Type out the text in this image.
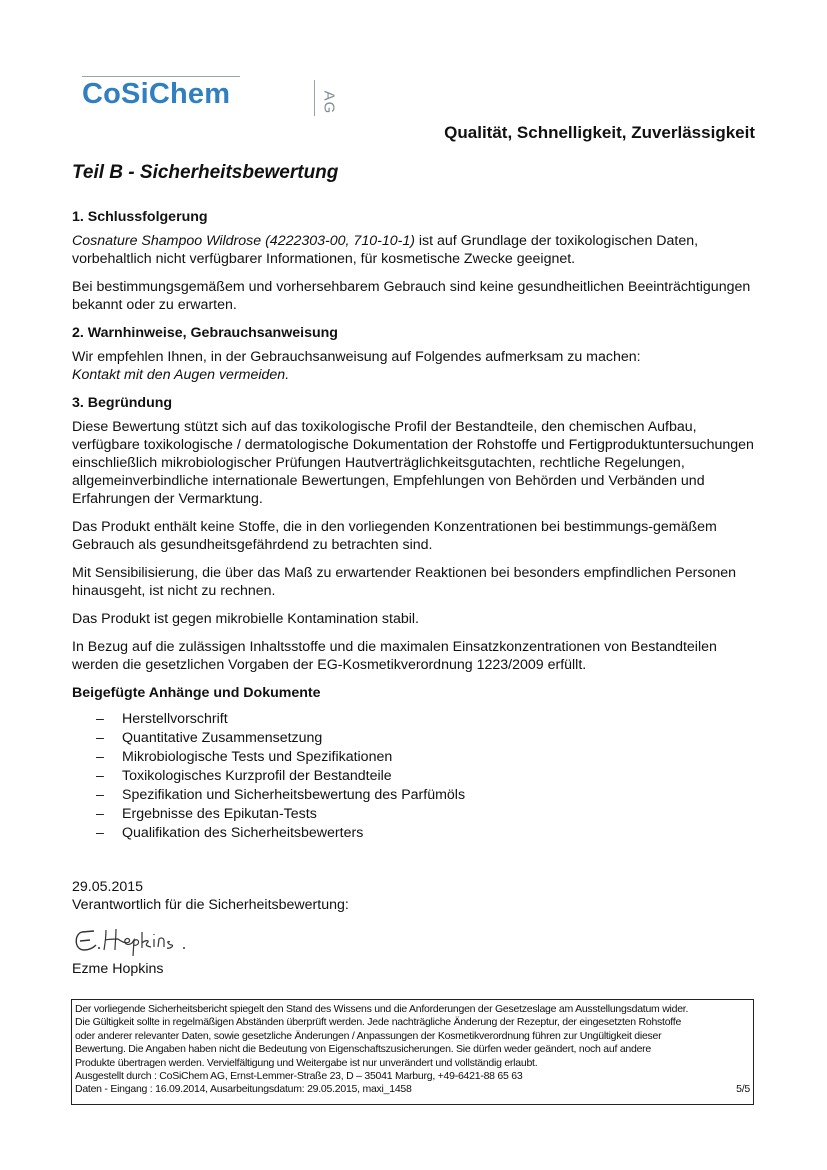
CoSiChem	AG
Qualität, Schnelligkeit, Zuverlässigkeit
Teil B - Sicherheitsbewertung
1. Schlussfolgerung

Cosnature Shampoo Wildrose (4222303-00, 710-10-1) ist auf Grundlage der toxikologischen Daten, vorbehaltlich nicht verfügbarer Informationen, für kosmetische Zwecke geeignet.

Bei bestimmungsgemäßem und vorhersehbarem Gebrauch sind keine gesundheitlichen Beeinträchtigungen bekannt oder zu erwarten.

2. Warnhinweise, Gebrauchsanweisung

Wir empfehlen Ihnen, in der Gebrauchsanweisung auf Folgendes aufmerksam zu machen:
Kontakt mit den Augen vermeiden.

3. Begründung

Diese Bewertung stützt sich auf das toxikologische Profil der Bestandteile, den chemischen Aufbau, verfügbare toxikologische / dermatologische Dokumentation der Rohstoffe und Fertigproduktuntersuchungen einschließlich mikrobiologischer Prüfungen Hautverträglichkeitsgutachten, rechtliche Regelungen, allgemeinverbindliche internationale Bewertungen, Empfehlungen von Behörden und Verbänden und Erfahrungen der Vermarktung.

Das Produkt enthält keine Stoffe, die in den vorliegenden Konzentrationen bei bestimmungs-gemäßem Gebrauch als gesundheitsgefährdend zu betrachten sind.

Mit Sensibilisierung, die über das Maß zu erwartender Reaktionen bei besonders empfindlichen Personen hinausgeht, ist nicht zu rechnen.

Das Produkt ist gegen mikrobielle Kontamination stabil.

In Bezug auf die zulässigen Inhaltsstoffe und die maximalen Einsatzkonzentrationen von Bestandteilen werden die gesetzlichen Vorgaben der EG-Kosmetikverordnung 1223/2009 erfüllt.

Beigefügte Anhänge und Dokumente
– Herstellvorschrift
– Quantitative Zusammensetzung
– Mikrobiologische Tests und Spezifikationen
– Toxikologisches Kurzprofil der Bestandteile
– Spezifikation und Sicherheitsbewertung des Parfümöls
– Ergebnisse des Epikutan-Tests
– Qualifikation des Sicherheitsbewerters
29.05.2015
Verantwortlich für die Sicherheitsbewertung:
Ezme Hopkins
Der vorliegende Sicherheitsbericht spiegelt den Stand des Wissens und die Anforderungen der Gesetzeslage am Ausstellungsdatum wider.
Die Gültigkeit sollte in regelmäßigen Abständen überprüft werden. Jede nachträgliche Änderung der Rezeptur, der eingesetzten Rohstoffe
oder anderer relevanter Daten, sowie gesetzliche Änderungen / Anpassungen der Kosmetikverordnung führen zur Ungültigkeit dieser
Bewertung. Die Angaben haben nicht die Bedeutung von Eigenschaftszusicherungen. Sie dürfen weder geändert, noch auf andere
Produkte übertragen werden. Vervielfältigung und Weitergabe ist nur unverändert und vollständig erlaubt.
Ausgestellt durch : CoSiChem AG, Ernst-Lemmer-Straße 23, D – 35041 Marburg, +49-6421-88 65 63
Daten - Eingang : 16.09.2014, Ausarbeitungsdatum: 29.05.2015, maxi_1458	5/5
